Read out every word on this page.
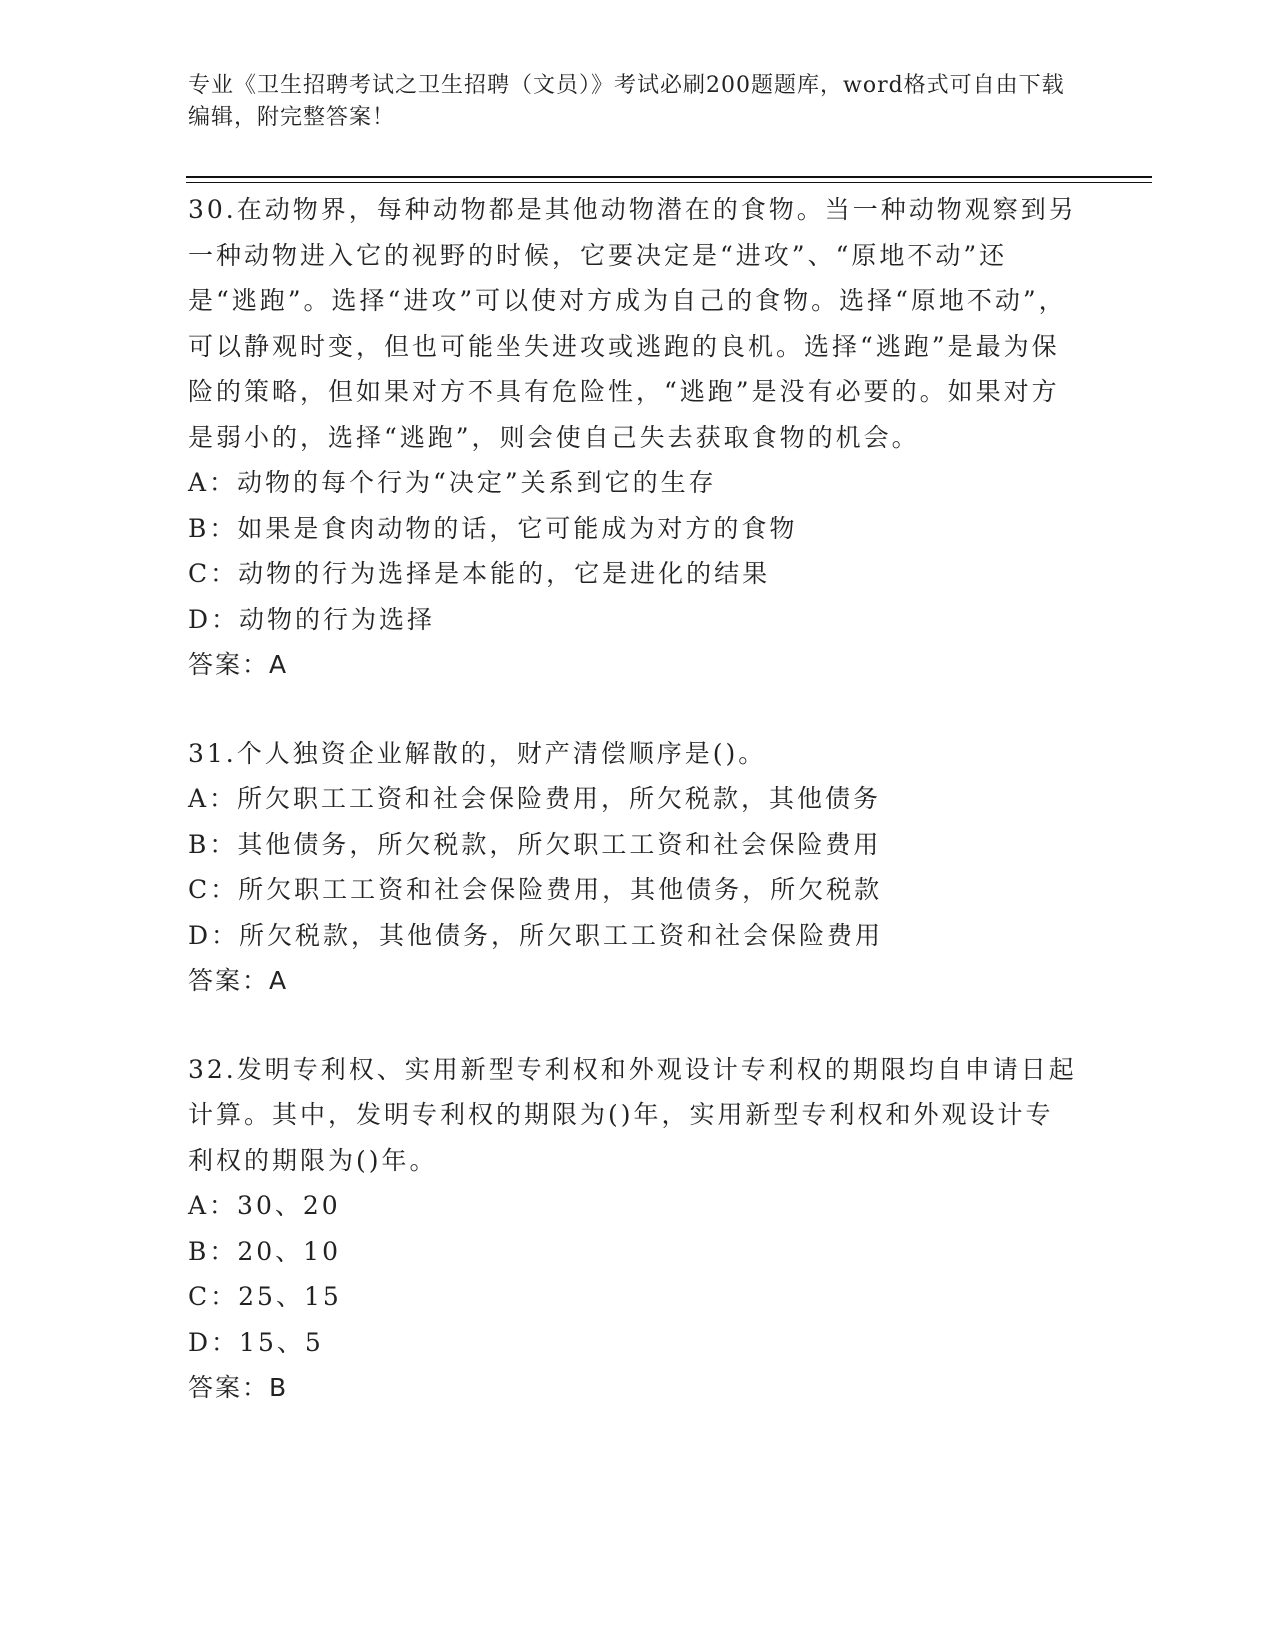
专业《卫生招聘考试之卫生招聘（文员）》考试必刷200题题库，word格式可自由下载编辑，附完整答案！

30.在动物界，每种动物都是其他动物潜在的食物。当一种动物观察到另一种动物进入它的视野的时候，它要决定是“进攻”、“原地不动”还是“逃跑”。选择“进攻”可以使对方成为自己的食物。选择“原地不动”，可以静观时变，但也可能坐失进攻或逃跑的良机。选择“逃跑”是最为保险的策略，但如果对方不具有危险性，“逃跑”是没有必要的。如果对方是弱小的，选择“逃跑”，则会使自己失去获取食物的机会。

A：动物的每个行为“决定”关系到它的生存

B：如果是食肉动物的话，它可能成为对方的食物

C：动物的行为选择是本能的，它是进化的结果

D：动物的行为选择

答案：A

31.个人独资企业解散的，财产清偿顺序是()。

A：所欠职工工资和社会保险费用，所欠税款，其他债务

B：其他债务，所欠税款，所欠职工工资和社会保险费用

C：所欠职工工资和社会保险费用，其他债务，所欠税款

D：所欠税款，其他债务，所欠职工工资和社会保险费用

答案：A

32.发明专利权、实用新型专利权和外观设计专利权的期限均自申请日起计算。其中，发明专利权的期限为()年，实用新型专利权和外观设计专利权的期限为()年。

A：30、20

B：20、10

C：25、15

D：15、5

答案：B
